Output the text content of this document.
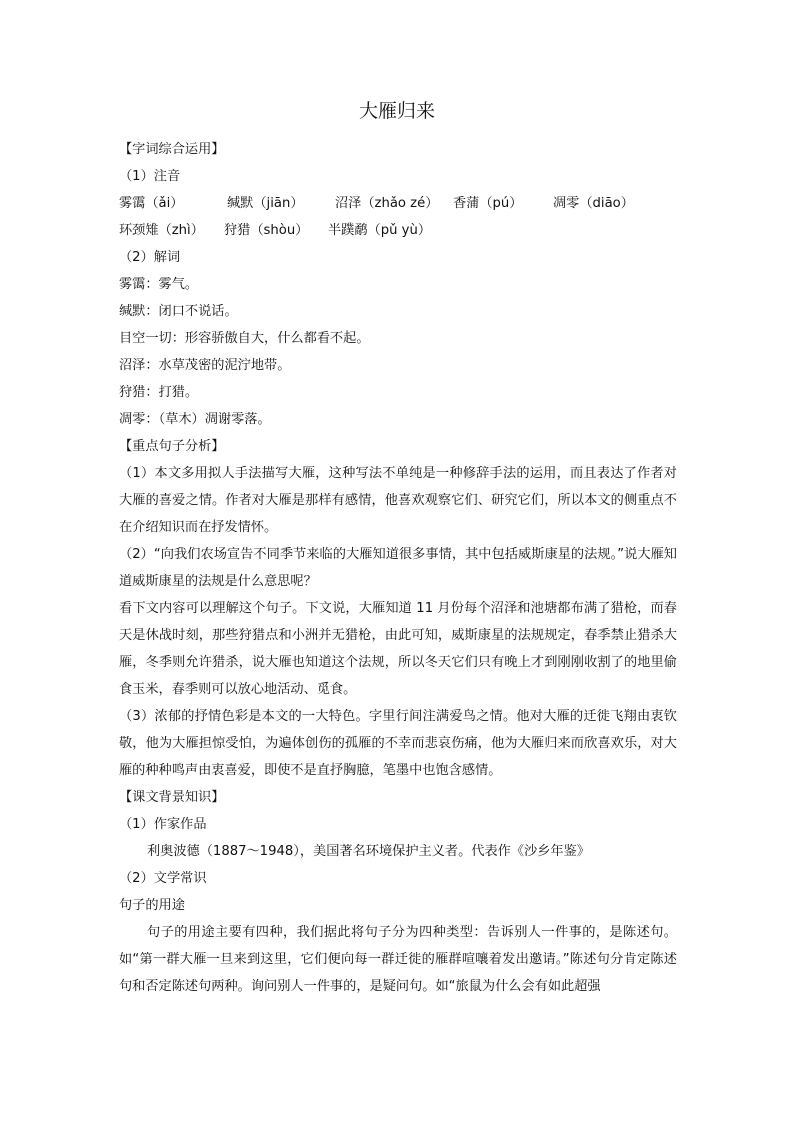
大雁归来
【字词综合运用】
（1）注音
雾霭（ǎi）	缄默（jiān） 沼泽（zhǎo zé） 香蒲（pú） 凋零（diāo）
环颈雉（zhì） 狩猎（shòu） 半蹼鹬（pǔ yù）
（2）解词
雾霭：雾气。
缄默：闭口不说话。
目空一切：形容骄傲自大，什么都看不起。
沼泽：水草茂密的泥泞地带。
狩猎：打猎。
凋零：（草木）凋谢零落。
【重点句子分析】
（1）本文多用拟人手法描写大雁，这种写法不单纯是一种修辞手法的运用，而且表达了作者对大雁的喜爱之情。作者对大雁是那样有感情，他喜欢观察它们、研究它们，所以本文的侧重点不在介绍知识而在抒发情怀。
（2）“向我们农场宣告不同季节来临的大雁知道很多事情，其中包括威斯康星的法规。”说大雁知道威斯康星的法规是什么意思呢？
看下文内容可以理解这个句子。下文说，大雁知道 11 月份每个沼泽和池塘都布满了猎枪，而春天是休战时刻，那些狩猎点和小洲并无猎枪，由此可知，威斯康星的法规规定，春季禁止猎杀大雁，冬季则允许猎杀，说大雁也知道这个法规，所以冬天它们只有晚上才到刚刚收割了的地里偷食玉米，春季则可以放心地活动、觅食。
（3）浓郁的抒情色彩是本文的一大特色。字里行间注满爱鸟之情。他对大雁的迁徙飞翔由衷钦敬，他为大雁担惊受怕，为遍体创伤的孤雁的不幸而悲哀伤痛，他为大雁归来而欣喜欢乐，对大雁的种种鸣声由衷喜爱，即使不是直抒胸臆，笔墨中也饱含感情。
【课文背景知识】
（1）作家作品
利奥波德（1887～1948），美国著名环境保护主义者。代表作《沙乡年鉴》
（2）文学常识
句子的用途
句子的用途主要有四种，我们据此将句子分为四种类型：告诉别人一件事的，是陈述句。如“第一群大雁一旦来到这里，它们便向每一群迁徙的雁群喧嚷着发出邀请。”陈述句分肯定陈述句和否定陈述句两种。询问别人一件事的，是疑问句。如“旅鼠为什么会有如此超强
